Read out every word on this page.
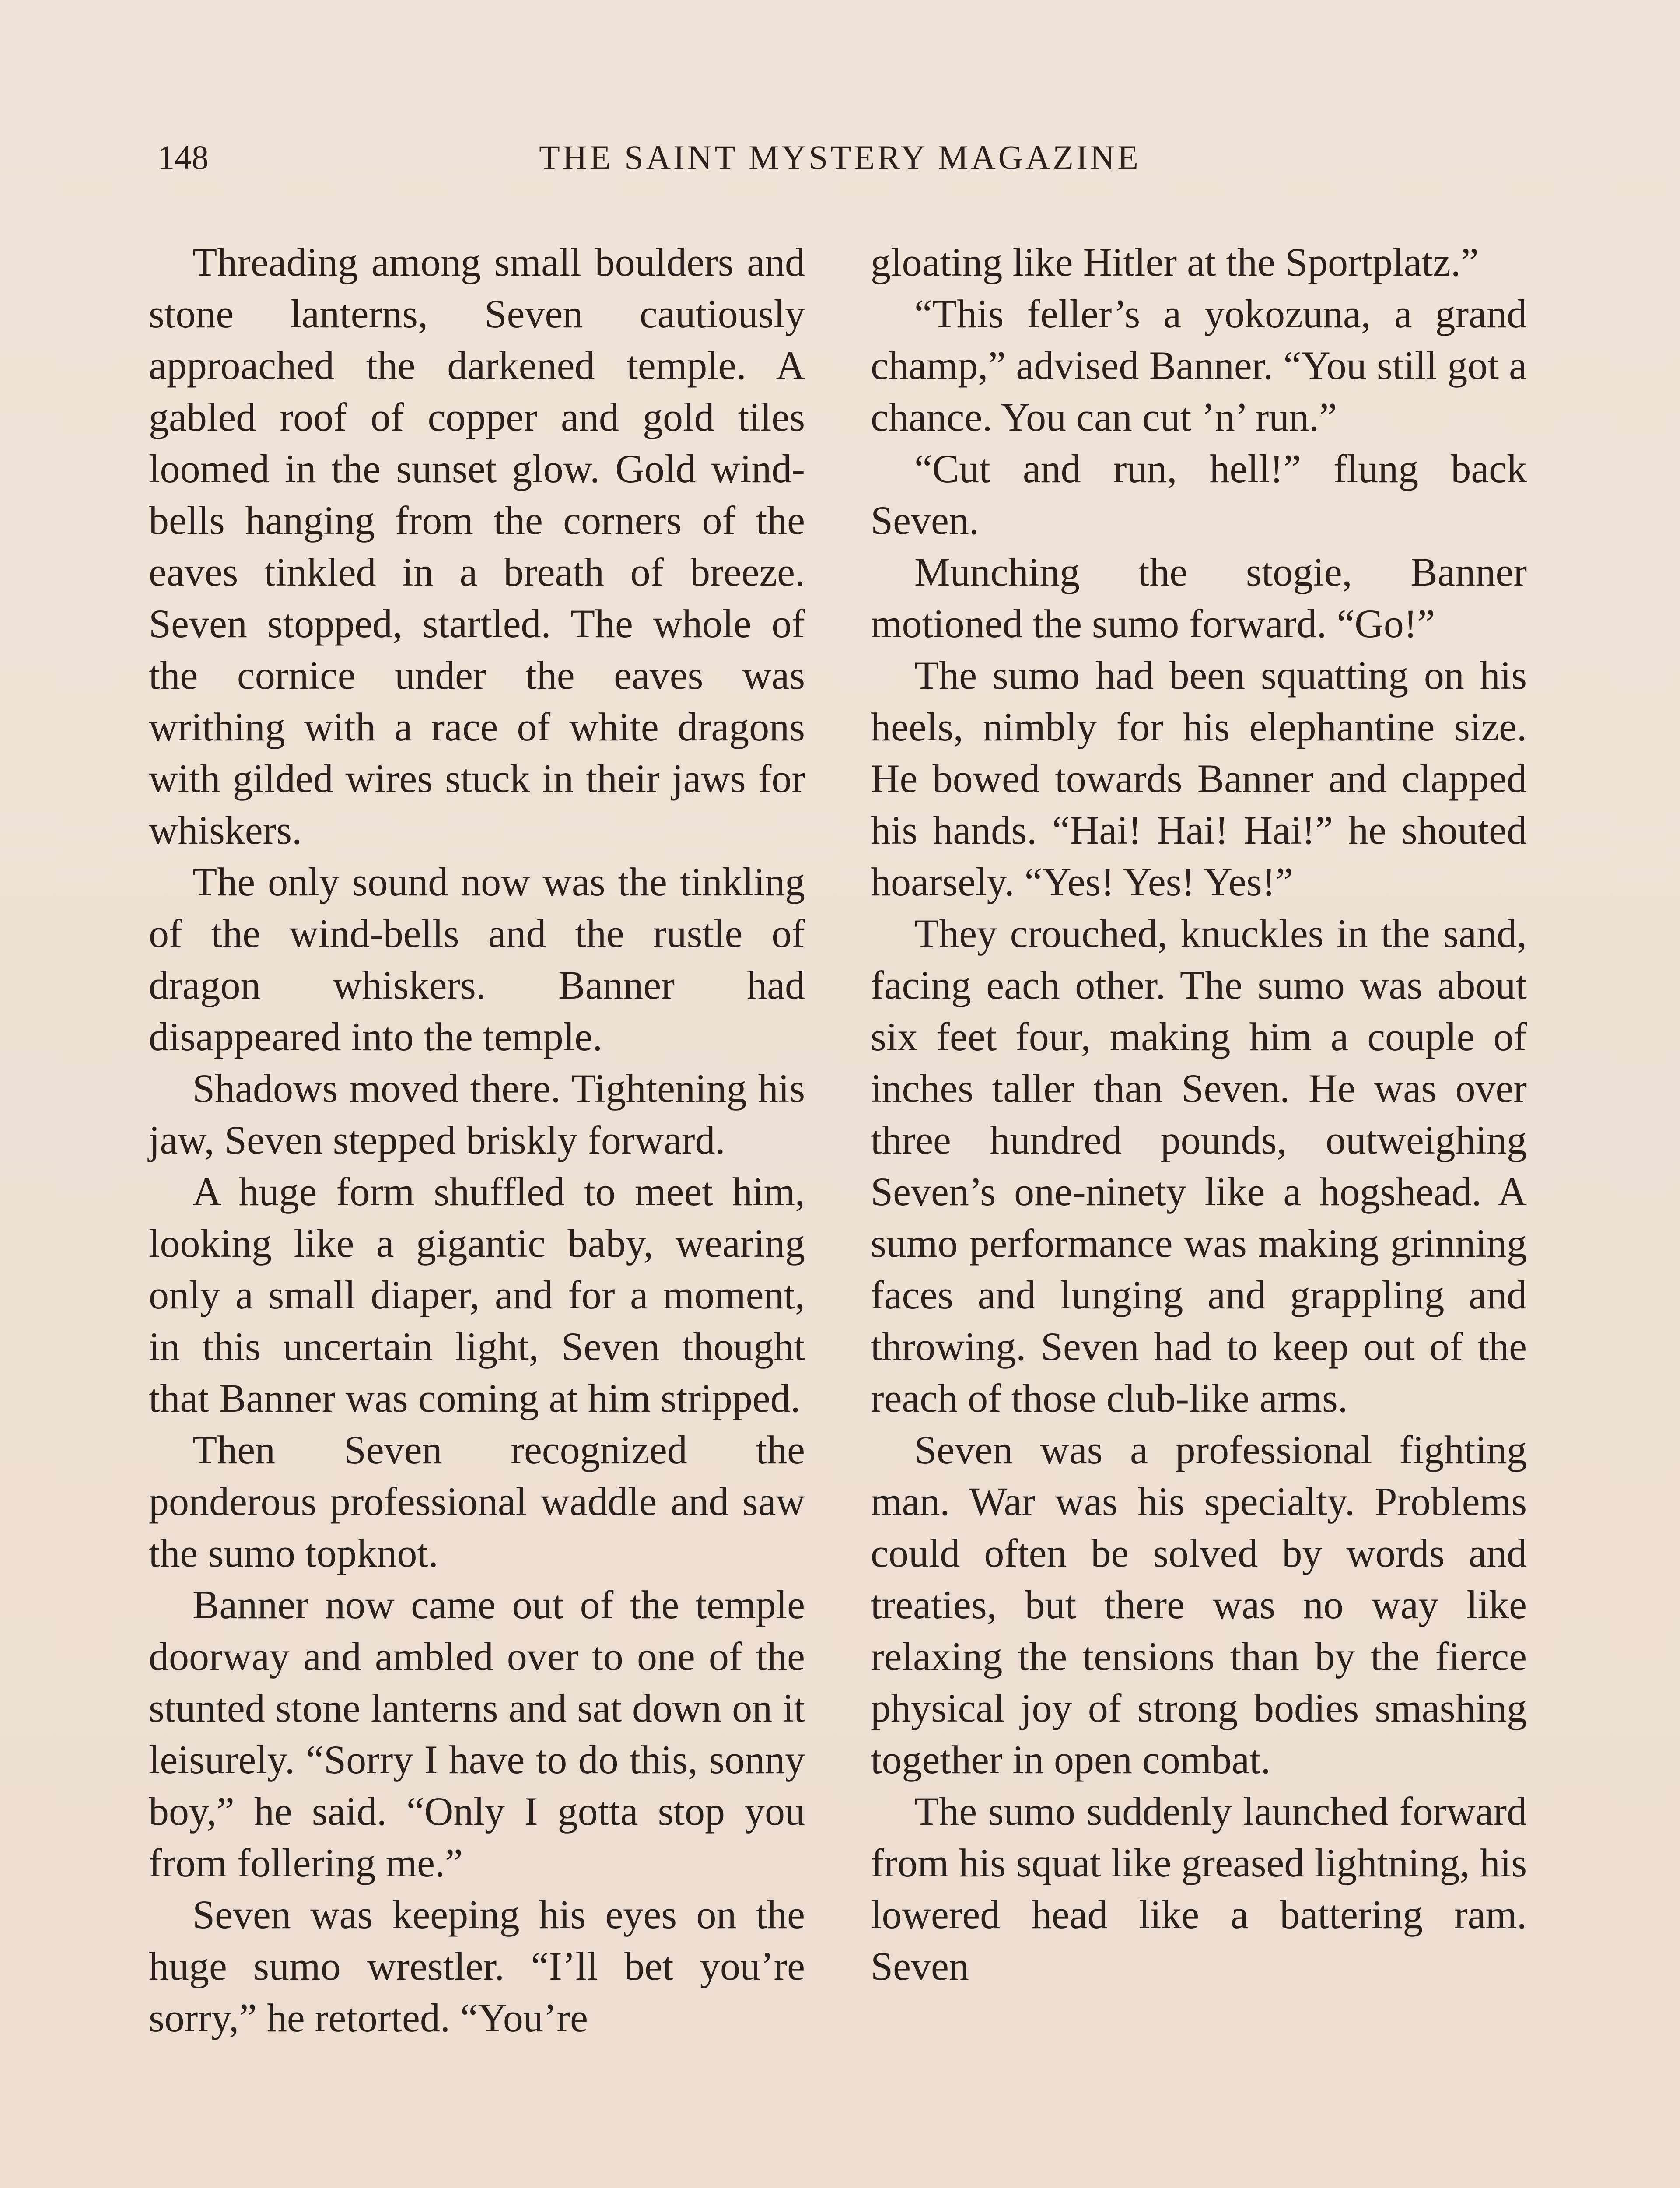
148	THE SAINT MYSTERY MAGAZINE

Threading among small boulders and stone lanterns, Seven cautiously approached the darkened temple. A gabled roof of copper and gold tiles loomed in the sunset glow. Gold wind-bells hanging from the corners of the eaves tinkled in a breath of breeze. Seven stopped, startled. The whole of the cornice under the eaves was writhing with a race of white dragons with gilded wires stuck in their jaws for whiskers.

The only sound now was the tinkling of the wind-bells and the rustle of dragon whiskers. Banner had disappeared into the temple.

Shadows moved there. Tightening his jaw, Seven stepped briskly forward.

A huge form shuffled to meet him, looking like a gigantic baby, wearing only a small diaper, and for a moment, in this uncertain light, Seven thought that Banner was coming at him stripped.

Then Seven recognized the ponderous professional waddle and saw the sumo topknot.

Banner now came out of the temple doorway and ambled over to one of the stunted stone lanterns and sat down on it leisurely. “Sorry I have to do this, sonny boy,” he said. “Only I gotta stop you from follering me.”

Seven was keeping his eyes on the huge sumo wrestler. “I’ll bet you’re sorry,” he retorted. “You’re

gloating like Hitler at the Sportplatz.”

“This feller’s a yokozuna, a grand champ,” advised Banner. “You still got a chance. You can cut ’n’ run.”

“Cut and run, hell!” flung back Seven.

Munching the stogie, Banner motioned the sumo forward. “Go!”

The sumo had been squatting on his heels, nimbly for his elephantine size. He bowed towards Banner and clapped his hands. “Hai! Hai! Hai!” he shouted hoarsely. “Yes! Yes! Yes!”

They crouched, knuckles in the sand, facing each other. The sumo was about six feet four, making him a couple of inches taller than Seven. He was over three hundred pounds, outweighing Seven’s one-ninety like a hogshead. A sumo performance was making grinning faces and lunging and grappling and throwing. Seven had to keep out of the reach of those club-like arms.

Seven was a professional fighting man. War was his specialty. Problems could often be solved by words and treaties, but there was no way like relaxing the tensions than by the fierce physical joy of strong bodies smashing together in open combat.

The sumo suddenly launched forward from his squat like greased lightning, his lowered head like a battering ram. Seven
